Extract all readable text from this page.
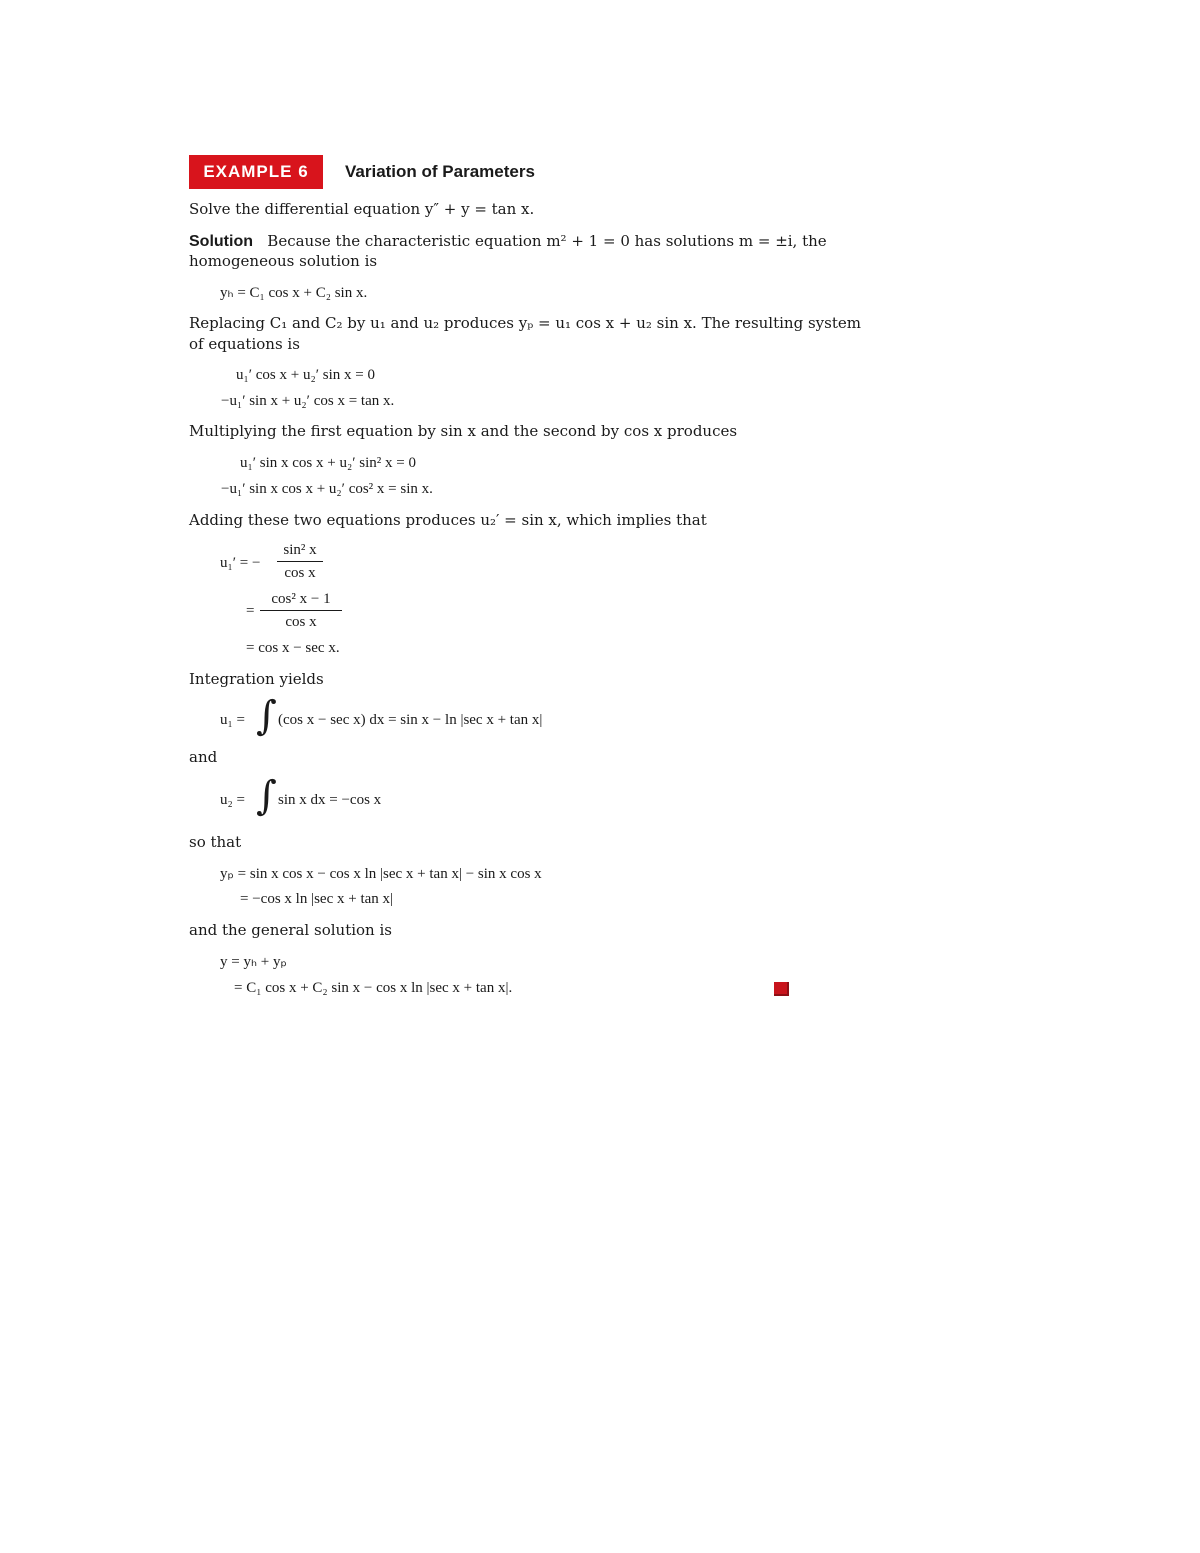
EXAMPLE 6	Variation of Parameters
Solve the differential equation y″ + y = tan x.
Solution Because the characteristic equation m² + 1 = 0 has solutions m = ±i, the
homogeneous solution is
yₕ = C₁ cos x + C₂ sin x.
Replacing C₁ and C₂ by u₁ and u₂ produces yₚ = u₁ cos x + u₂ sin x. The resulting system
of equations is
u₁′ cos x + u₂′ sin x = 0
−u₁′ sin x + u₂′ cos x = tan x.
Multiplying the first equation by sin x and the second by cos x produces
u₁′ sin x cos x + u₂′ sin² x = 0
−u₁′ sin x cos x + u₂′ cos² x = sin x.
Adding these two equations produces u₂′ = sin x, which implies that
u₁′ = −
sin² x
cos x
=
cos² x − 1
cos x
= cos x − sec x.
Integration yields
u₁ = ∫ (cos x − sec x) dx = sin x − ln |sec x + tan x|
and
u₂ = ∫ sin x dx = −cos x
so that
yₚ = sin x cos x − cos x ln |sec x + tan x| − sin x cos x
= −cos x ln |sec x + tan x|
and the general solution is
y = yₕ + yₚ
= C₁ cos x + C₂ sin x − cos x ln |sec x + tan x|.
